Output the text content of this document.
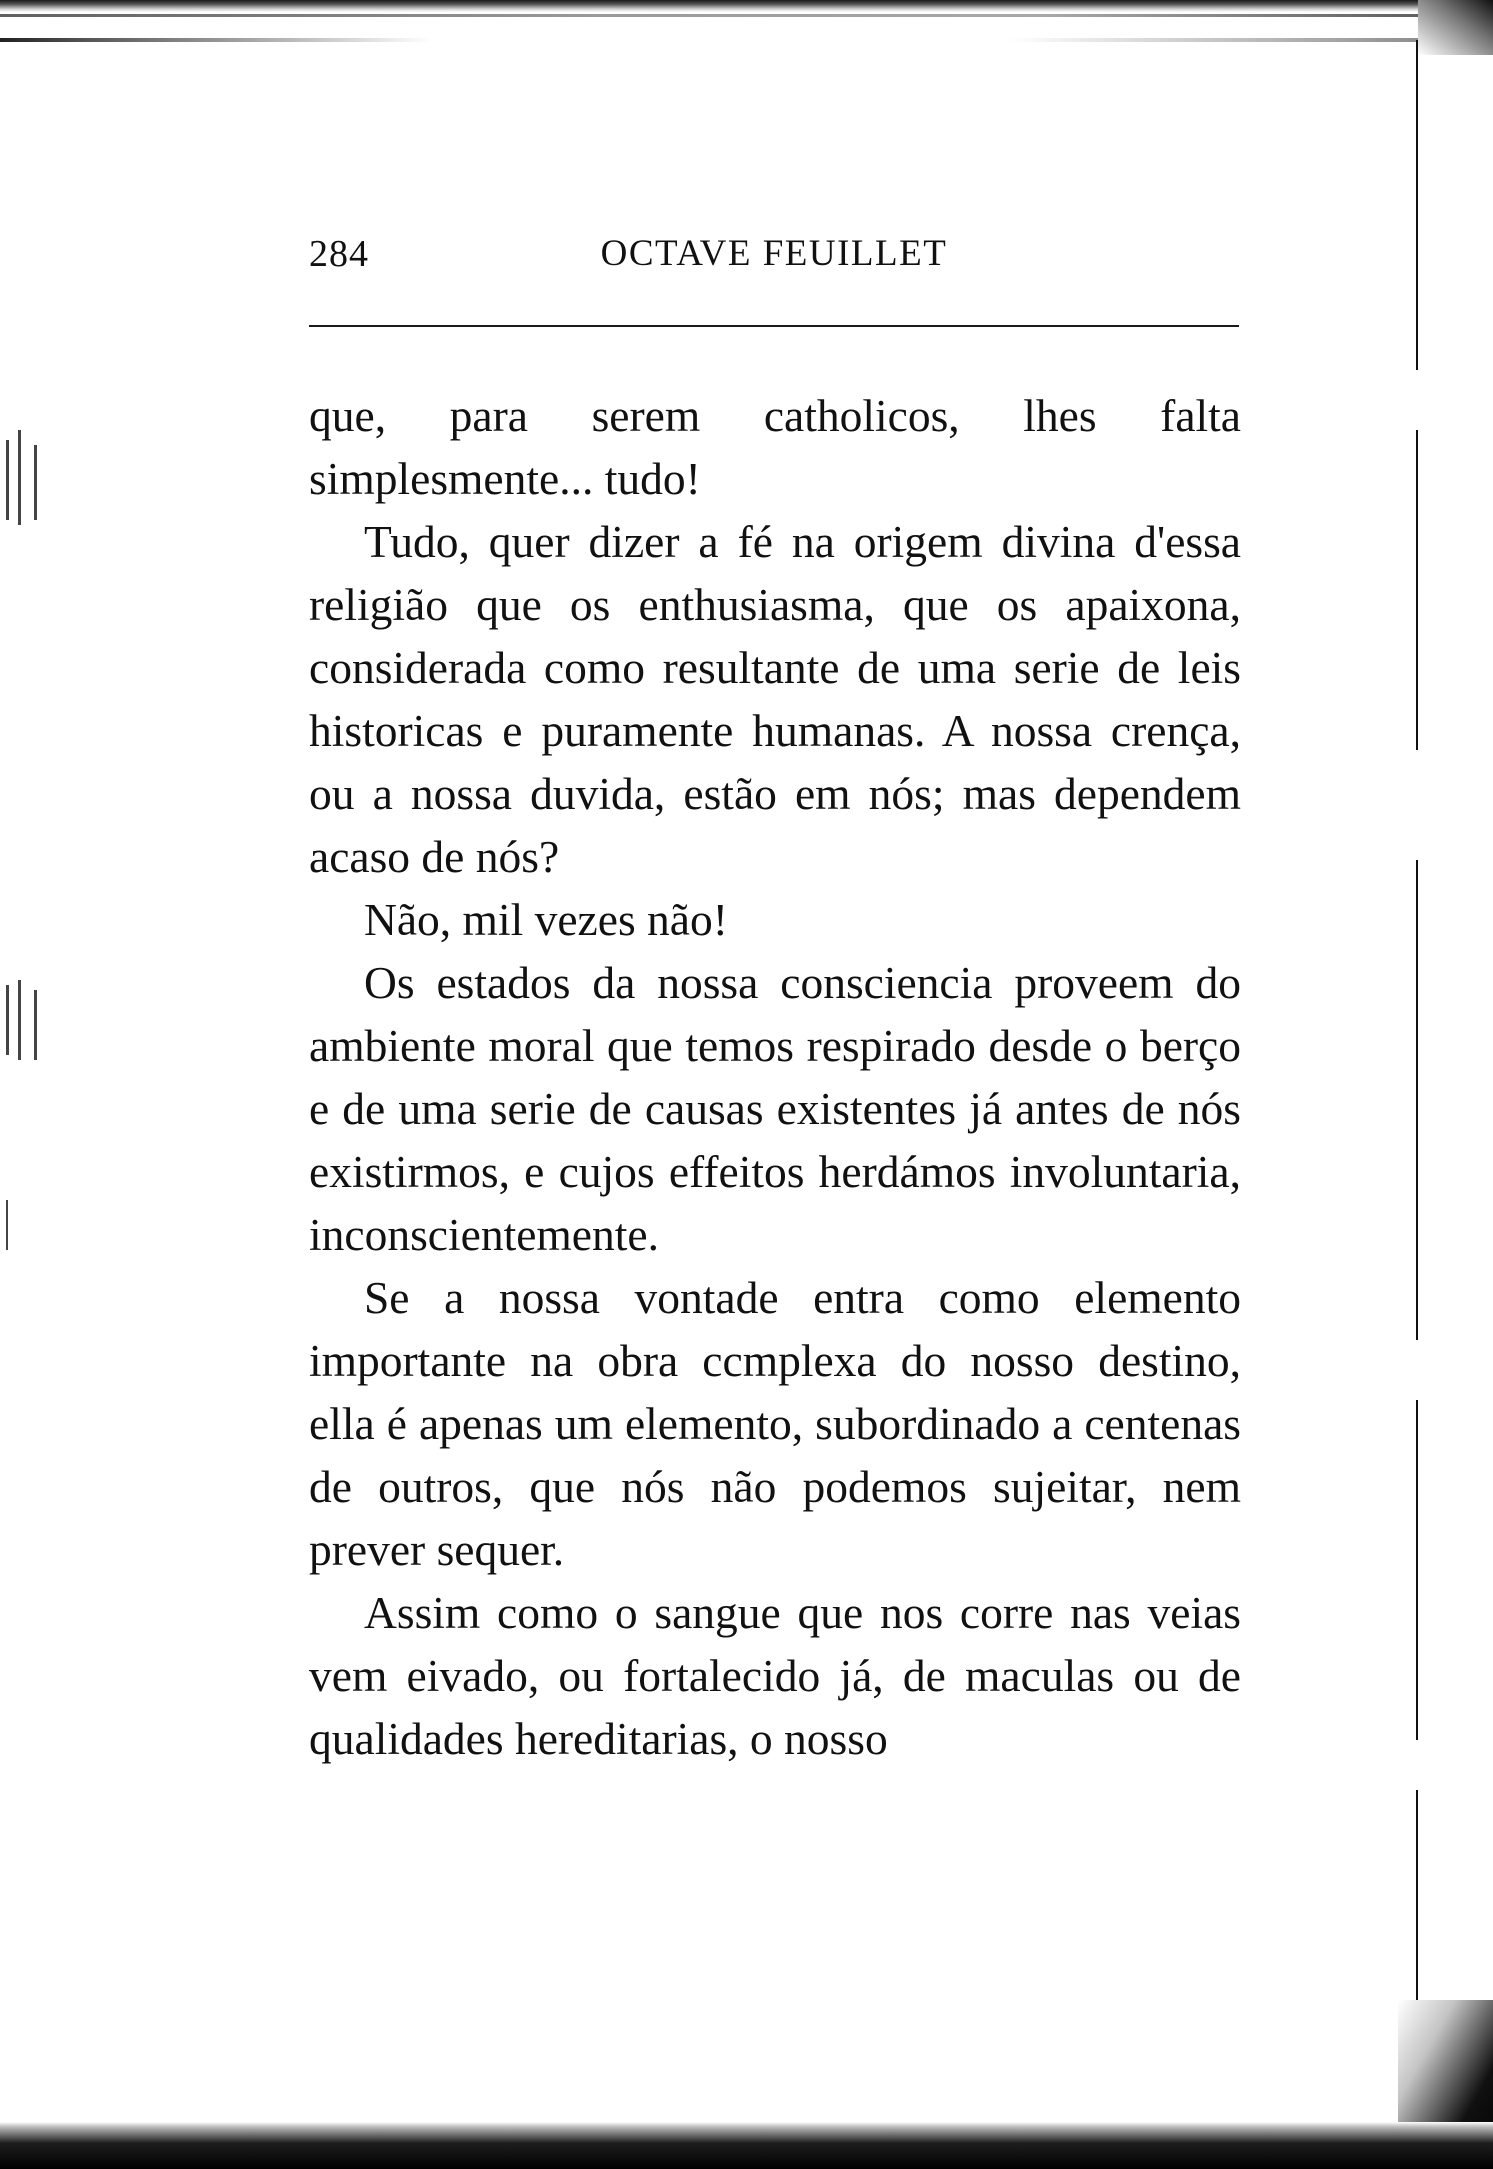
284	OCTAVE FEUILLET

que, para serem catholicos, lhes falta simplesmente... tudo!

Tudo, quer dizer a fé na origem divina d'essa religião que os enthusiasma, que os apaixona, considerada como resultante de uma serie de leis historicas e puramente humanas. A nossa crença, ou a nossa duvida, estão em nós; mas dependem acaso de nós?

Não, mil vezes não!

Os estados da nossa consciencia proveem do ambiente moral que temos respirado desde o berço e de uma serie de causas existentes já antes de nós existirmos, e cujos effeitos herdámos involuntaria, inconscientemente.

Se a nossa vontade entra como elemento importante na obra ccmplexa do nosso destino, ella é apenas um elemento, subordinado a centenas de outros, que nós não podemos sujeitar, nem prever sequer.

Assim como o sangue que nos corre nas veias vem eivado, ou fortalecido já, de maculas ou de qualidades hereditarias, o nosso
